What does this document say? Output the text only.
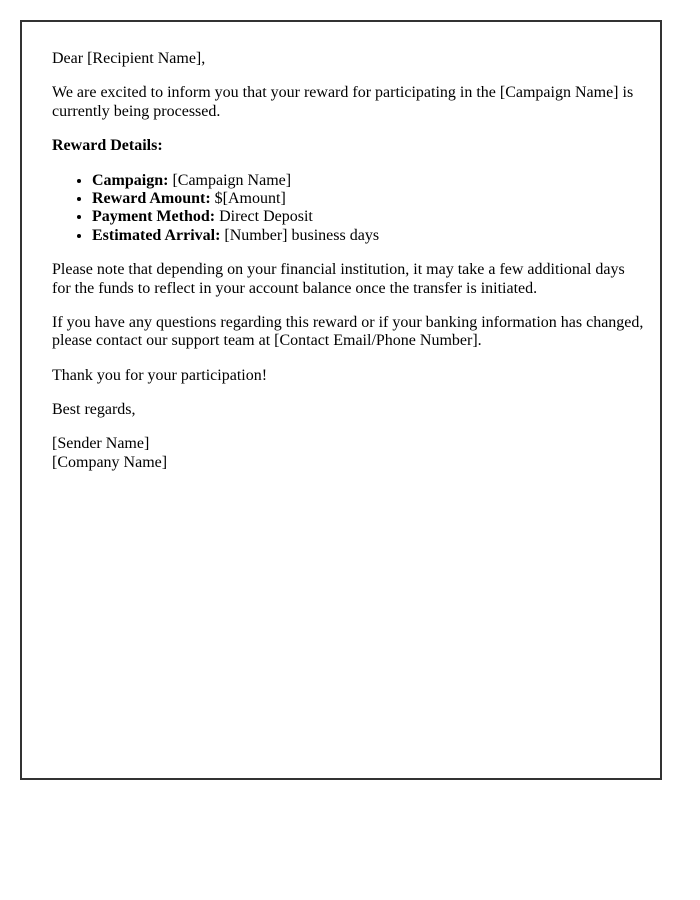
Dear [Recipient Name],

We are excited to inform you that your reward for participating in the [Campaign Name] is currently being processed.

Reward Details:

• Campaign: [Campaign Name]
• Reward Amount: $[Amount]
• Payment Method: Direct Deposit
• Estimated Arrival: [Number] business days

Please note that depending on your financial institution, it may take a few additional days for the funds to reflect in your account balance once the transfer is initiated.

If you have any questions regarding this reward or if your banking information has changed, please contact our support team at [Contact Email/Phone Number].

Thank you for your participation!

Best regards,

[Sender Name]
[Company Name]
